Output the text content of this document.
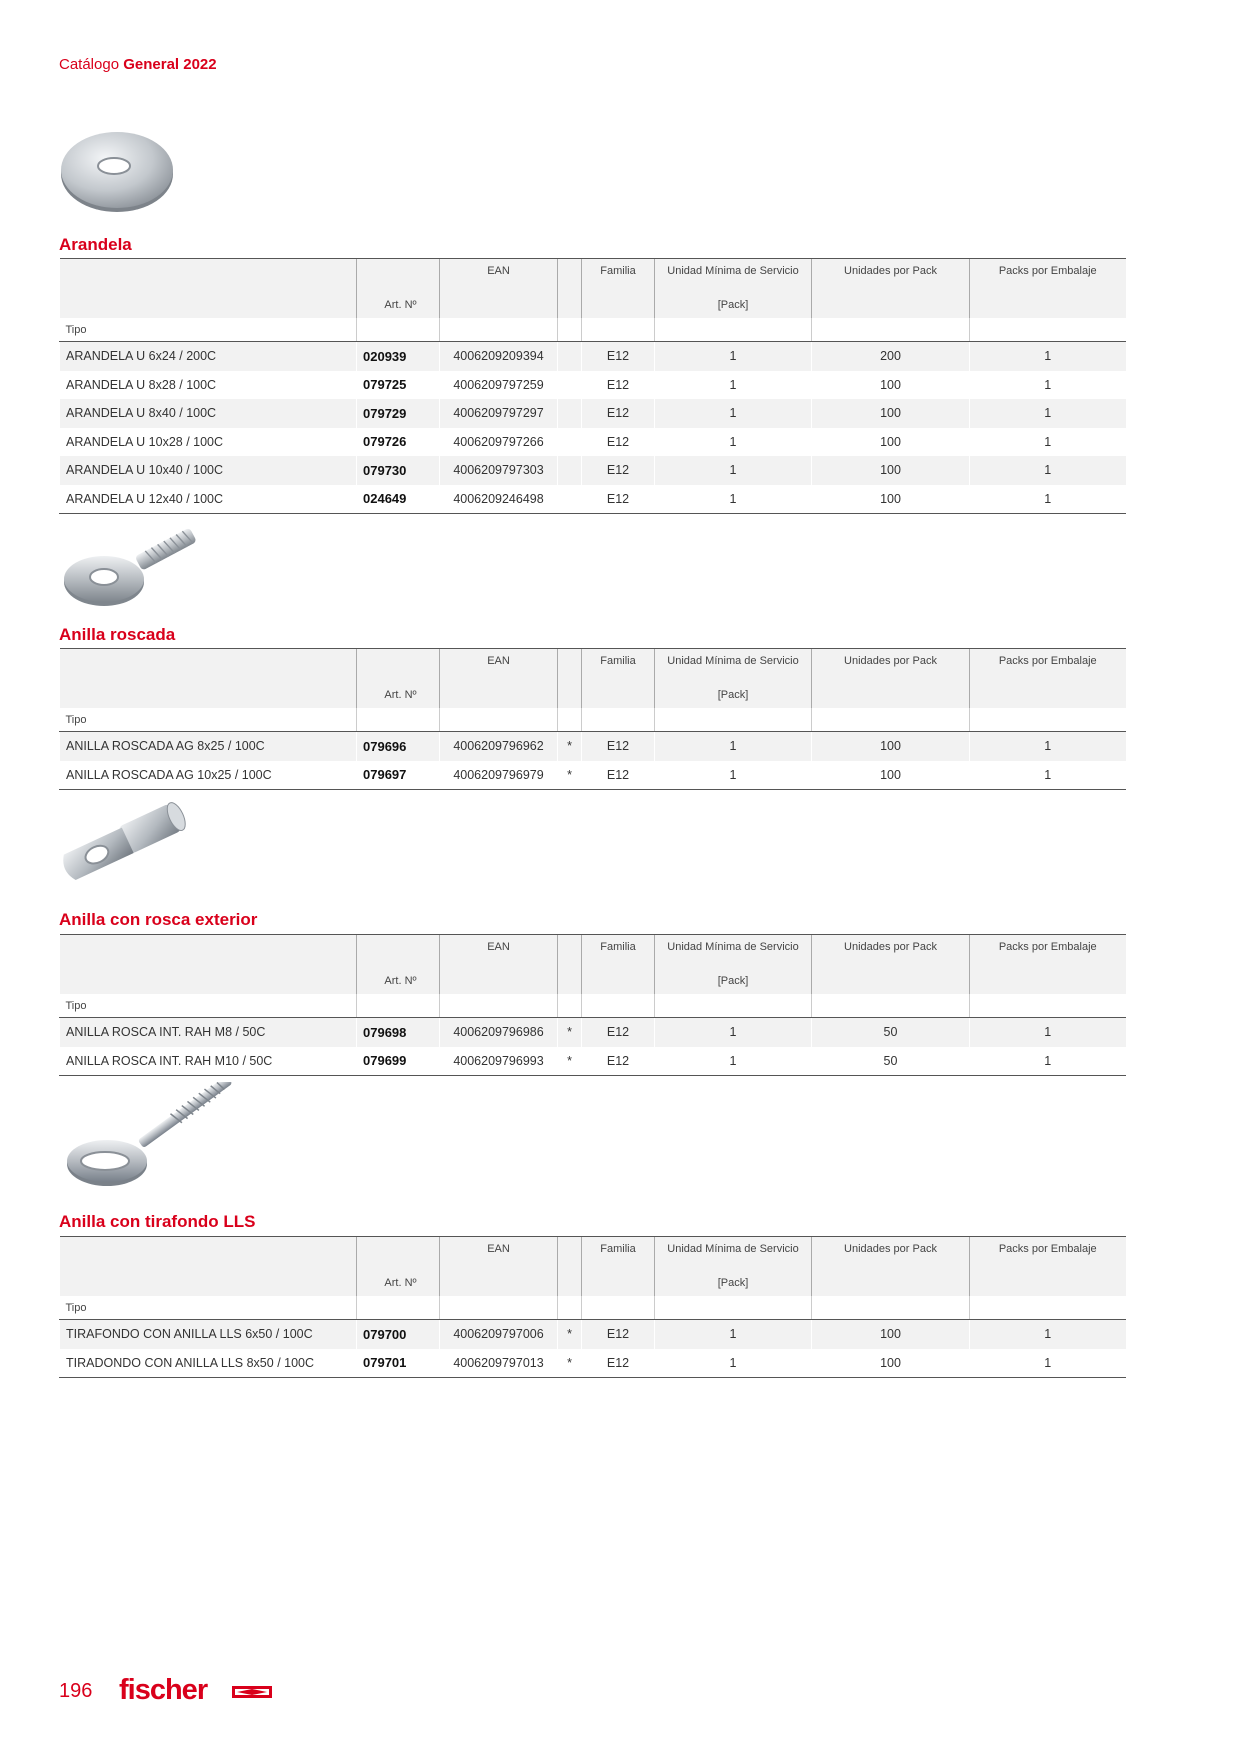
Catálogo General 2022
Arandela
		EAN		Familia	Unidad Mínima de Servicio	Unidades por Pack	Packs por Embalaje
	Art. Nº				[Pack]		
Tipo							
ARANDELA U 6x24 / 200C	020939	4006209209394		E12	1	200	1
ARANDELA U 8x28 / 100C	079725	4006209797259		E12	1	100	1
ARANDELA U 8x40 / 100C	079729	4006209797297		E12	1	100	1
ARANDELA U 10x28 / 100C	079726	4006209797266		E12	1	100	1
ARANDELA U 10x40 / 100C	079730	4006209797303		E12	1	100	1
ARANDELA U 12x40 / 100C	024649	4006209246498		E12	1	100	1
Anilla roscada
		EAN		Familia	Unidad Mínima de Servicio	Unidades por Pack	Packs por Embalaje
	Art. Nº				[Pack]		
Tipo							
ANILLA ROSCADA AG 8x25 / 100C	079696	4006209796962	*	E12	1	100	1
ANILLA ROSCADA AG 10x25 / 100C	079697	4006209796979	*	E12	1	100	1
Anilla con rosca exterior
		EAN		Familia	Unidad Mínima de Servicio	Unidades por Pack	Packs por Embalaje
	Art. Nº				[Pack]		
Tipo							
ANILLA ROSCA INT. RAH M8 / 50C	079698	4006209796986	*	E12	1	50	1
ANILLA ROSCA INT. RAH M10 / 50C	079699	4006209796993	*	E12	1	50	1
Anilla con tirafondo LLS
		EAN		Familia	Unidad Mínima de Servicio	Unidades por Pack	Packs por Embalaje
	Art. Nº				[Pack]		
Tipo							
TIRAFONDO CON ANILLA LLS 6x50 / 100C	079700	4006209797006	*	E12	1	100	1
TIRADONDO CON ANILLA LLS 8x50 / 100C	079701	4006209797013	*	E12	1	100	1
196 fischer
